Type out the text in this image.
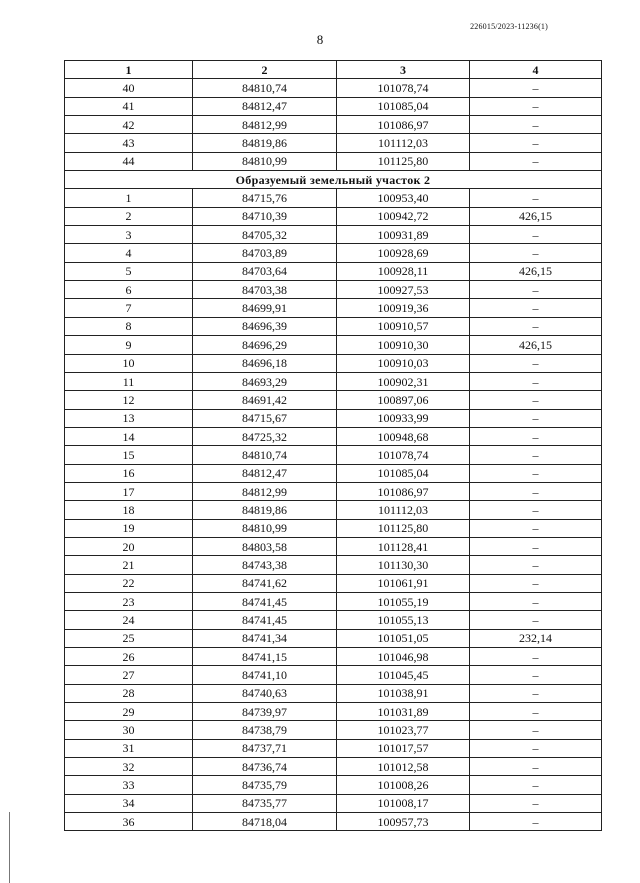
226015/2023-11236(1)
8
1	2	3	4
40	84810,74	101078,74	–
41	84812,47	101085,04	–
42	84812,99	101086,97	–
43	84819,86	101112,03	–
44	84810,99	101125,80	–
Образуемый земельный участок 2			
1	84715,76	100953,40	–
2	84710,39	100942,72	426,15
3	84705,32	100931,89	–
4	84703,89	100928,69	–
5	84703,64	100928,11	426,15
6	84703,38	100927,53	–
7	84699,91	100919,36	–
8	84696,39	100910,57	–
9	84696,29	100910,30	426,15
10	84696,18	100910,03	–
11	84693,29	100902,31	–
12	84691,42	100897,06	–
13	84715,67	100933,99	–
14	84725,32	100948,68	–
15	84810,74	101078,74	–
16	84812,47	101085,04	–
17	84812,99	101086,97	–
18	84819,86	101112,03	–
19	84810,99	101125,80	–
20	84803,58	101128,41	–
21	84743,38	101130,30	–
22	84741,62	101061,91	–
23	84741,45	101055,19	–
24	84741,45	101055,13	–
25	84741,34	101051,05	232,14
26	84741,15	101046,98	–
27	84741,10	101045,45	–
28	84740,63	101038,91	–
29	84739,97	101031,89	–
30	84738,79	101023,77	–
31	84737,71	101017,57	–
32	84736,74	101012,58	–
33	84735,79	101008,26	–
34	84735,77	101008,17	–
36	84718,04	100957,73	–
